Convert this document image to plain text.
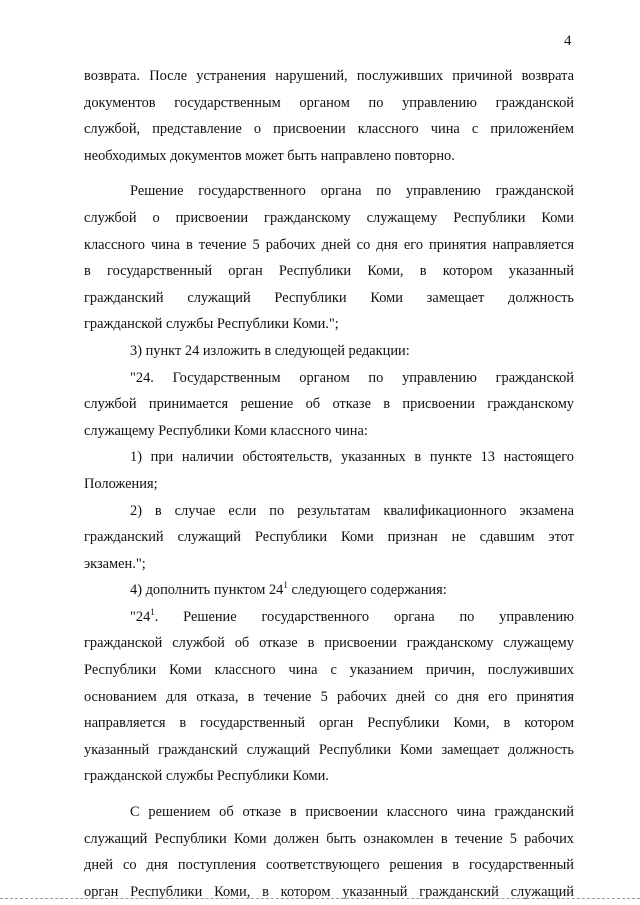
4
возврата. После устранения нарушений, послуживших причиной возврата
документов государственным органом по управлению гражданской
службой, представление о присвоении классного чина с приложением
необходимых документов может быть направлено повторно.
Решение государственного органа по управлению гражданской
службой о присвоении гражданскому служащему Республики Коми
классного чина в течение 5 рабочих дней со дня его принятия направляется
в государственный орган Республики Коми, в котором указанный
гражданский служащий Республики Коми замещает должность
гражданской службы Республики Коми.";
3) пункт 24 изложить в следующей редакции:
"24. Государственным органом по управлению гражданской
службой принимается решение об отказе в присвоении гражданскому
служащему Республики Коми классного чина:
1) при наличии обстоятельств, указанных в пункте 13 настоящего
Положения;
2) в случае если по результатам квалификационного экзамена
гражданский служащий Республики Коми признан не сдавшим этот
экзамен.";
4) дополнить пунктом $24^1$ следующего содержания:
"$24^1$. Решение государственного органа по управлению
гражданской службой об отказе в присвоении гражданскому служащему
Республики Коми классного чина с указанием причин, послуживших
основанием для отказа, в течение 5 рабочих дней со дня его принятия
направляется в государственный орган Республики Коми, в котором
указанный гражданский служащий Республики Коми замещает должность
гражданской службы Республики Коми.
С решением об отказе в присвоении классного чина гражданский
служащий Республики Коми должен быть ознакомлен в течение 5 рабочих
дней со дня поступления соответствующего решения в государственный
орган Республики Коми, в котором указанный гражданский служащий
